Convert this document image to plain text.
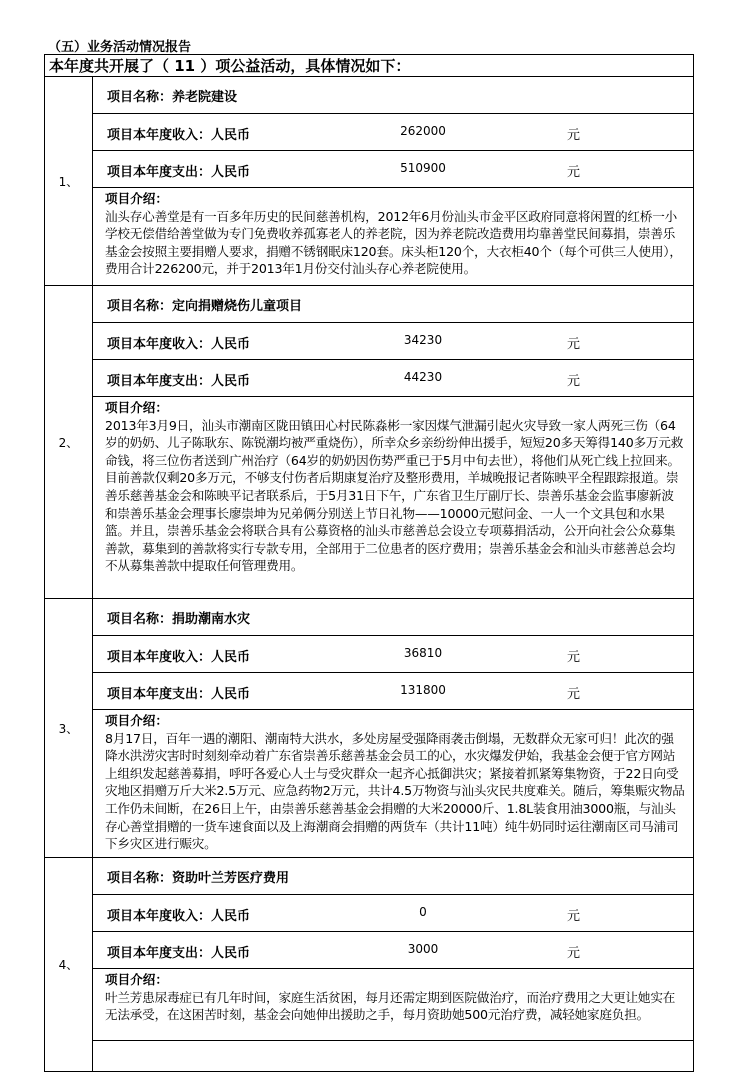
（五）业务活动情况报告
本年度共开展了（ 11 ）项公益活动，具体情况如下：	
1、	项目名称：养老院建设

	项目本年度收入：人民币 262000 元

	项目本年度支出：人民币 510900 元

	项目介绍：
汕头存心善堂是有一百多年历史的民间慈善机构，2012年6月份汕头市金平区政府同意将闲置的红桥一小学校无偿借给善堂做为专门免费收养孤寡老人的养老院，因为养老院改造费用均靠善堂民间募捐，崇善乐基金会按照主要捐赠人要求，捐赠不锈钢眠床120套。床头柜120个，大衣柜40个（每个可供三人使用），费用合计226200元，并于2013年1月份交付汕头存心养老院使用。

2、	项目名称：定向捐赠烧伤儿童项目

	项目本年度收入：人民币 34230 元

	项目本年度支出：人民币 44230 元

	项目介绍：
2013年3月9日，汕头市潮南区陇田镇田心村民陈淼彬一家因煤气泄漏引起火灾导致一家人两死三伤（64岁的奶奶、儿子陈耿东、陈锐潮均被严重烧伤），所幸众乡亲纷纷伸出援手，短短20多天筹得140多万元救命钱，将三位伤者送到广州治疗（64岁的奶奶因伤势严重已于5月中旬去世），将他们从死亡线上拉回来。目前善款仅剩20多万元，不够支付伤者后期康复治疗及整形费用，羊城晚报记者陈映平全程跟踪报道。崇善乐慈善基金会和陈映平记者联系后，于5月31日下午，广东省卫生厅副厅长、崇善乐基金会监事廖新波和崇善乐基金会理事长廖崇坤为兄弟俩分别送上节日礼物——10000元慰问金、一人一个文具包和水果篮。并且，崇善乐基金会将联合具有公募资格的汕头市慈善总会设立专项募捐活动，公开向社会公众募集善款，募集到的善款将实行专款专用，全部用于二位患者的医疗费用；崇善乐基金会和汕头市慈善总会均不从募集善款中提取任何管理费用。

3、	项目名称：捐助潮南水灾

	项目本年度收入：人民币 36810 元

	项目本年度支出：人民币 131800 元

	项目介绍：
8月17日，百年一遇的潮阳、潮南特大洪水，多处房屋受强降雨袭击倒塌，无数群众无家可归！此次的强降水洪涝灾害时时刻刻牵动着广东省崇善乐慈善基金会员工的心，水灾爆发伊始，我基金会便于官方网站上组织发起慈善募捐，呼吁各爱心人士与受灾群众一起齐心抵御洪灾；紧接着抓紧筹集物资，于22日向受灾地区捐赠万斤大米2.5万元、应急药物2万元，共计4.5万物资与汕头灾民共度难关。随后，筹集赈灾物品工作仍未间断，在26日上午，由崇善乐慈善基金会捐赠的大米20000斤、1.8L装食用油3000瓶，与汕头存心善堂捐赠的一货车速食面以及上海潮商会捐赠的两货车（共计11吨）纯牛奶同时运往潮南区司马浦司下乡灾区进行赈灾。

4、	项目名称：资助叶兰芳医疗费用

	项目本年度收入：人民币 0 元

	项目本年度支出：人民币 3000 元

	项目介绍：
叶兰芳患尿毒症已有几年时间，家庭生活贫困，每月还需定期到医院做治疗，而治疗费用之大更让她实在无法承受，在这困苦时刻，基金会向她伸出援助之手，每月资助她500元治疗费，减轻她家庭负担。
